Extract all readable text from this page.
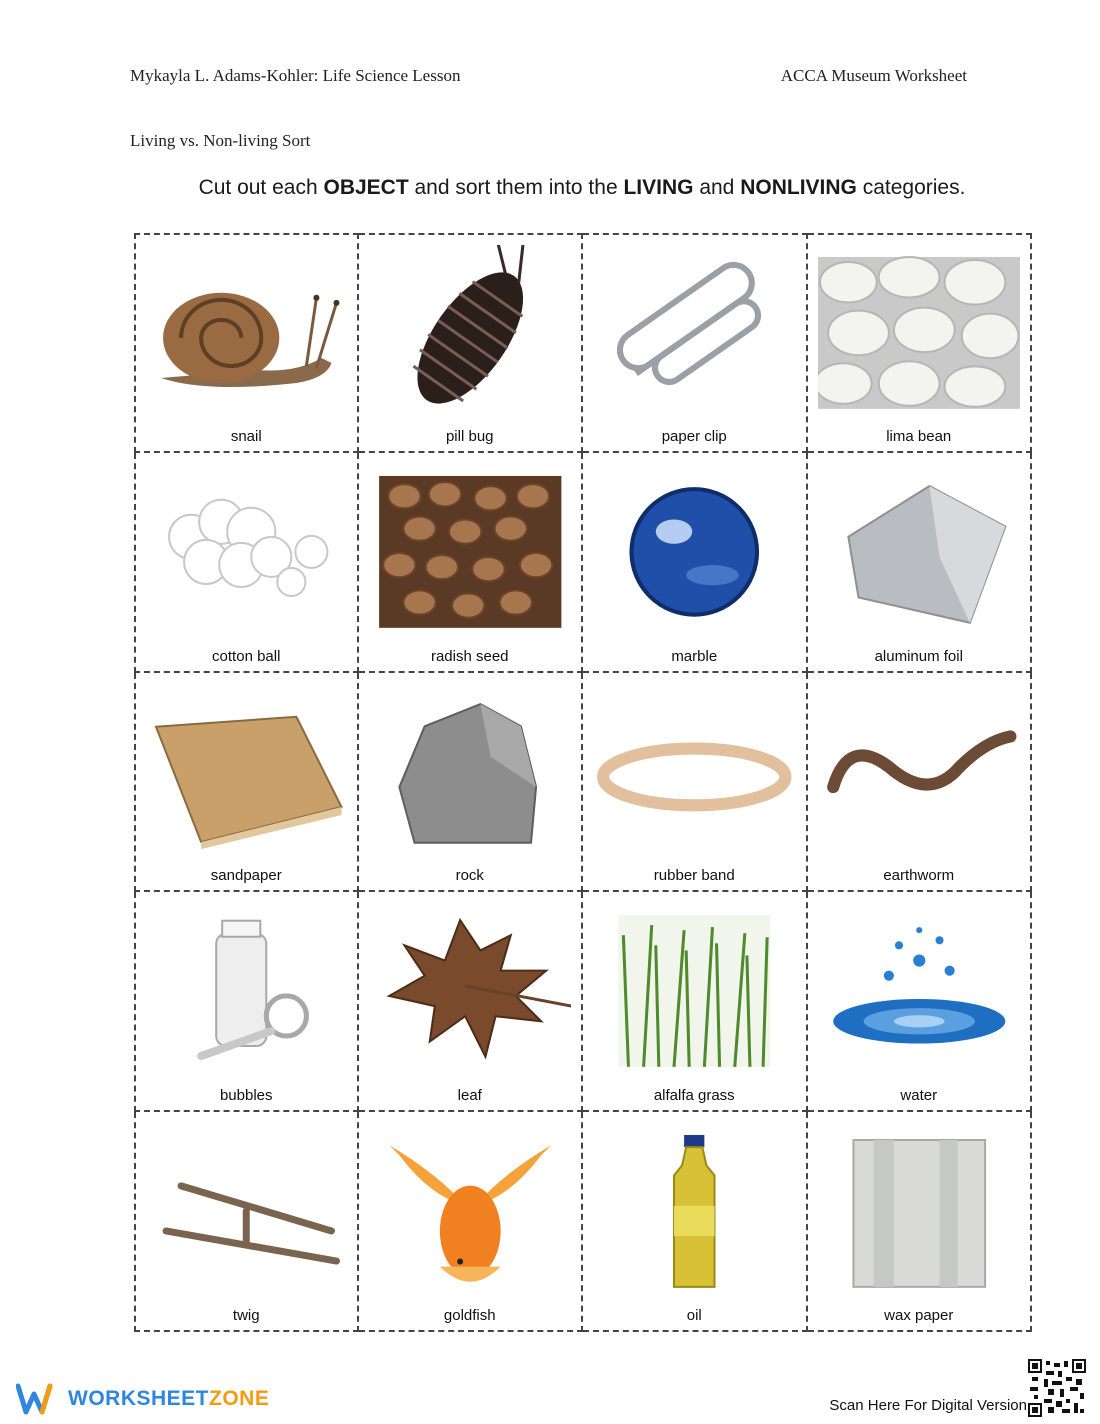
Mykayla L. Adams-Kohler: Life Science Lesson	ACCA Museum Worksheet
Living vs. Non-living Sort
Cut out each OBJECT and sort them into the LIVING and NONLIVING categories.
snail	pill bug	paper clip	lima bean
cotton ball	radish seed	marble	aluminum foil
sandpaper	rock	rubber band	earthworm
bubbles	leaf	alfalfa grass	water
twig	goldfish	oil	wax paper
WORKSHEETZONE	Scan Here For Digital Version
